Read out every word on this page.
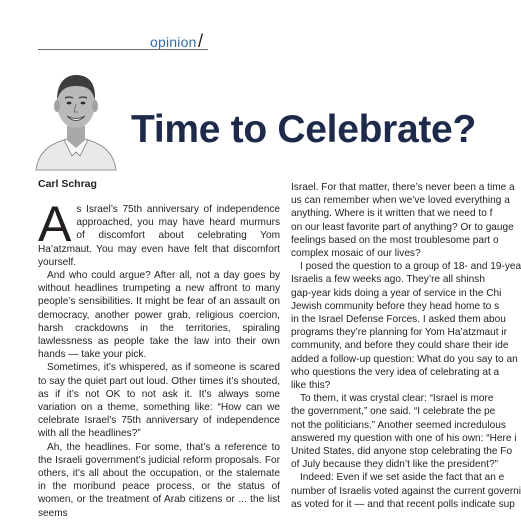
opinion /
Time to Celebrate?
Carl Schrag

As Israel’s 75th anniversary of independence approached, you may have heard murmurs of discomfort about celebrating Yom Ha’atzmaut. You may even have felt that discomfort yourself.

And who could argue? After all, not a day goes by without headlines trumpeting a new affront to many people’s sensibilities. It might be fear of an assault on democracy, another power grab, religious coercion, harsh crackdowns in the territories, spiraling lawlessness as people take the law into their own hands — take your pick.

Sometimes, it’s whispered, as if someone is scared to say the quiet part out loud. Other times it’s shouted, as if it’s not OK to not ask it. It’s always some variation on a theme, something like: “How can we celebrate Israel’s 75th anniversary of independence with all the headlines?”

Ah, the headlines. For some, that’s a reference to the Israeli government’s judicial reform proposals. For others, it’s all about the occupation, or the stalemate in the moribund peace process, or the status of women, or the treatment of Arab citizens or ... the list seems

Israel. For that matter, there’s never been a time a
us can remember when we’ve loved everything a
anything. Where is it written that we need to f
on our least favorite part of anything? Or to gauge
feelings based on the most troublesome part o
complex mosaic of our lives?
I posed the question to a group of 18- and 19-yea
Israelis a few weeks ago. They’re all shinsh
gap-year kids doing a year of service in the Chi
Jewish community before they head home to s
in the Israel Defense Forces. I asked them abou
programs they’re planning for Yom Ha’atzmaut ir
community, and before they could share their ide
added a follow-up question: What do you say to an
who questions the very idea of celebrating at a
like this?
To them, it was crystal clear: “Israel is more
the government,” one said. “I celebrate the pe
not the politicians.” Another seemed incredulous
answered my question with one of his own: “Here i
United States, did anyone stop celebrating the Fo
of July because they didn’t like the president?”
Indeed: Even if we set aside the fact that an e
number of Israelis voted against the current governi
as voted for it — and that recent polls indicate sup
